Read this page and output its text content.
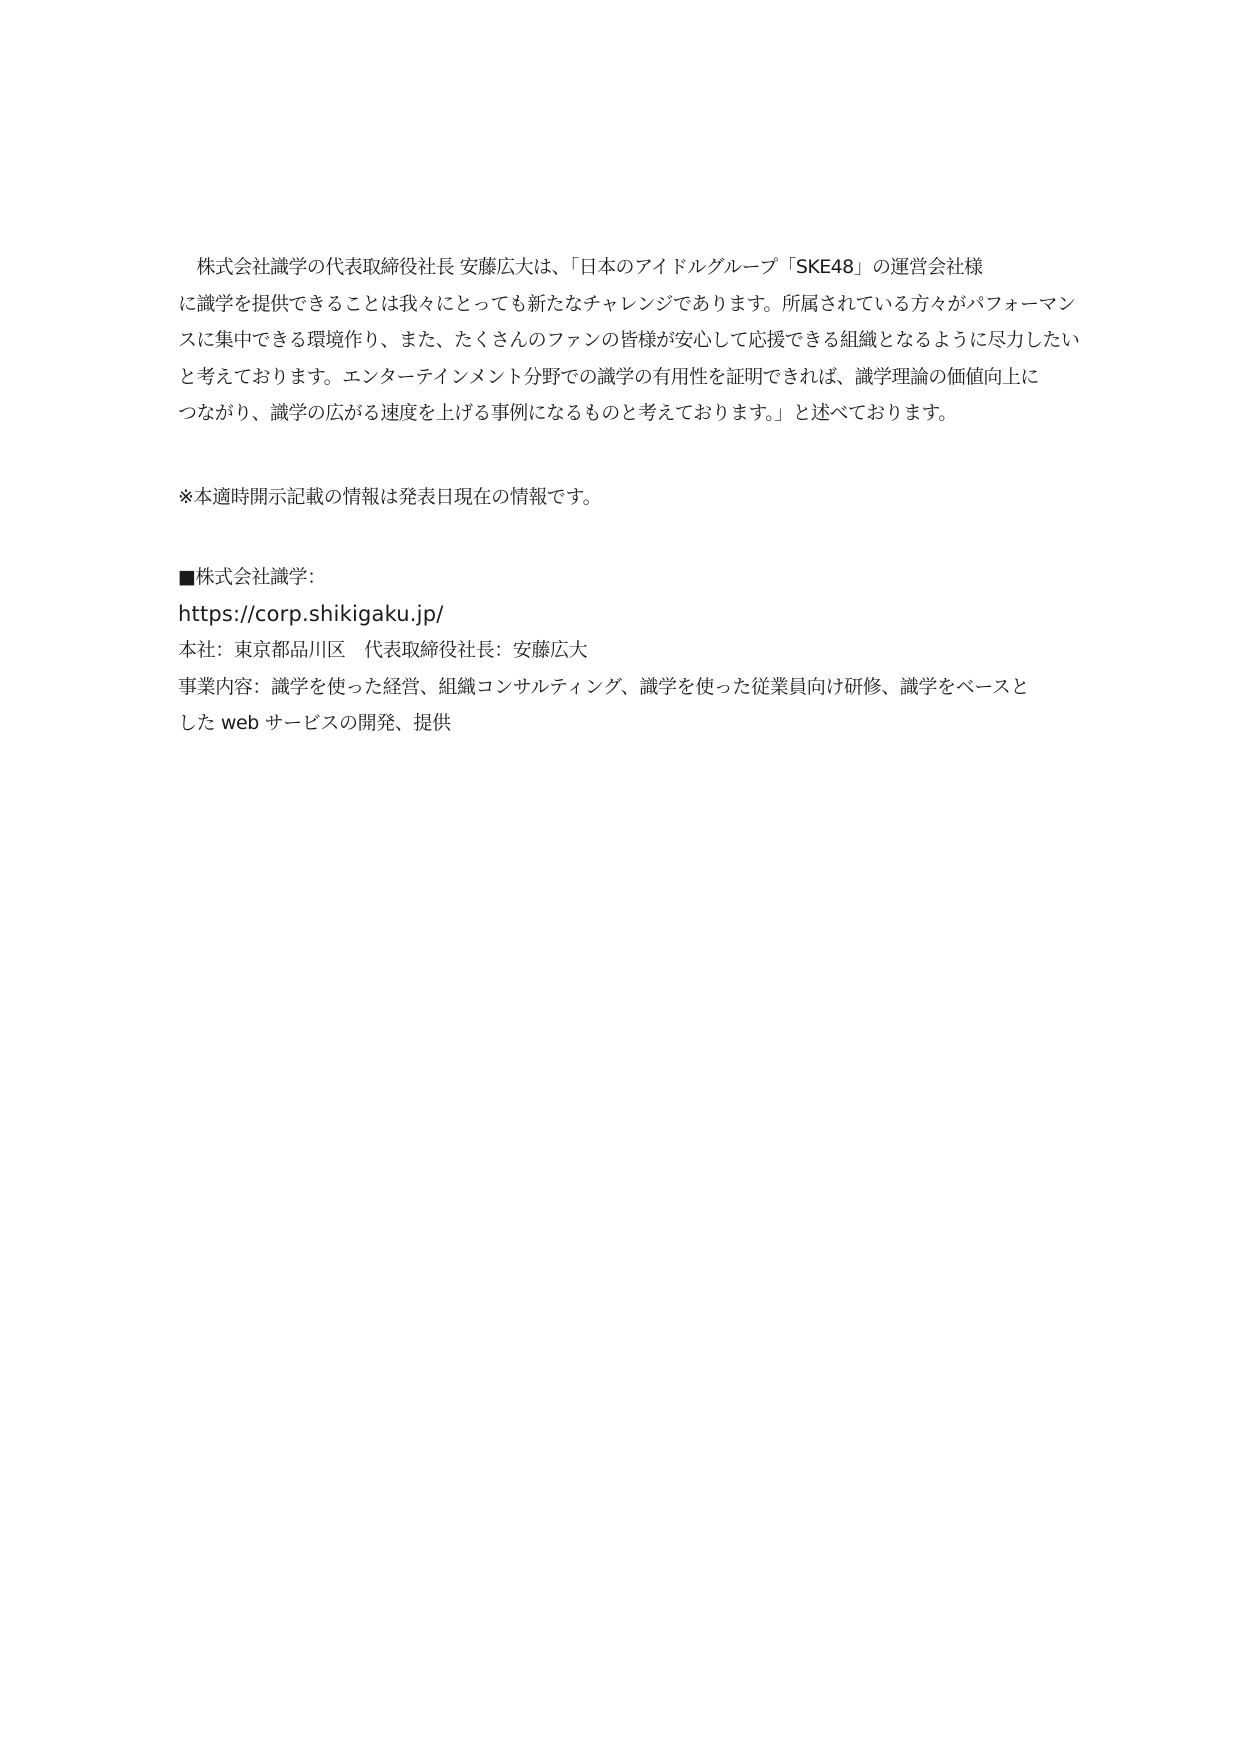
　株式会社識学の代表取締役社長 安藤広大は、「日本のアイドルグループ「SKE48」の運営会社様
に識学を提供できることは我々にとっても新たなチャレンジであります。所属されている方々がパフォーマン
スに集中できる環境作り、また、たくさんのファンの皆様が安心して応援できる組織となるように尽力したい
と考えております。エンターテインメント分野での識学の有用性を証明できれば、識学理論の価値向上に
つながり、識学の広がる速度を上げる事例になるものと考えております。」と述べております。

※本適時開示記載の情報は発表日現在の情報です。

■株式会社識学：
https://corp.shikigaku.jp/
本社：東京都品川区　代表取締役社長：安藤広大
事業内容：識学を使った経営、組織コンサルティング、識学を使った従業員向け研修、識学をベースと
した web サービスの開発、提供
